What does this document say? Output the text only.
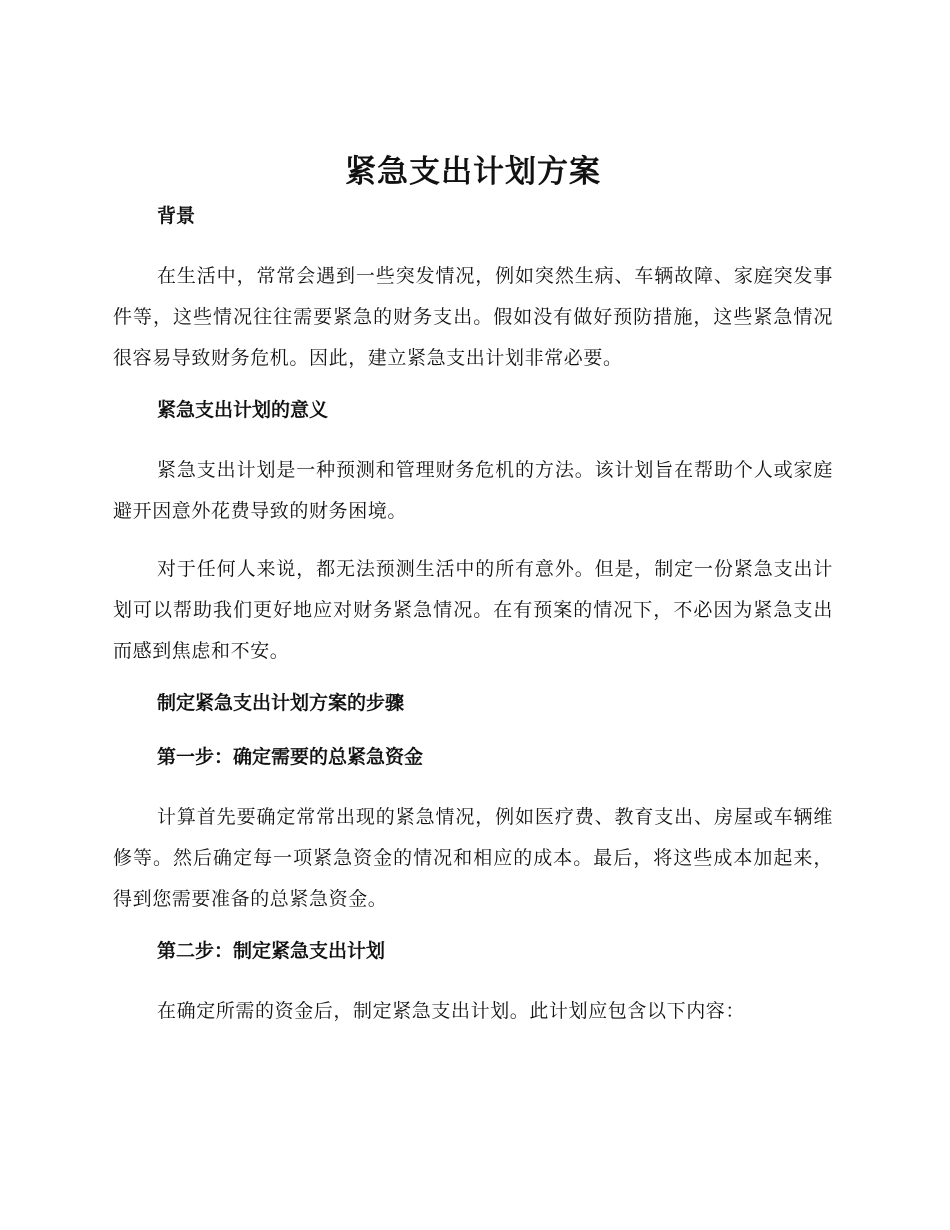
紧急支出计划方案
背景

在生活中，常常会遇到一些突发情况，例如突然生病、车辆故障、家庭突发事件等，这些情况往往需要紧急的财务支出。假如没有做好预防措施，这些紧急情况很容易导致财务危机。因此，建立紧急支出计划非常必要。

紧急支出计划的意义

紧急支出计划是一种预测和管理财务危机的方法。该计划旨在帮助个人或家庭避开因意外花费导致的财务困境。

对于任何人来说，都无法预测生活中的所有意外。但是，制定一份紧急支出计划可以帮助我们更好地应对财务紧急情况。在有预案的情况下，不必因为紧急支出而感到焦虑和不安。

制定紧急支出计划方案的步骤
第一步：确定需要的总紧急资金

计算首先要确定常常出现的紧急情况，例如医疗费、教育支出、房屋或车辆维修等。然后确定每一项紧急资金的情况和相应的成本。最后，将这些成本加起来，得到您需要准备的总紧急资金。

第二步：制定紧急支出计划

在确定所需的资金后，制定紧急支出计划。此计划应包含以下内容：
